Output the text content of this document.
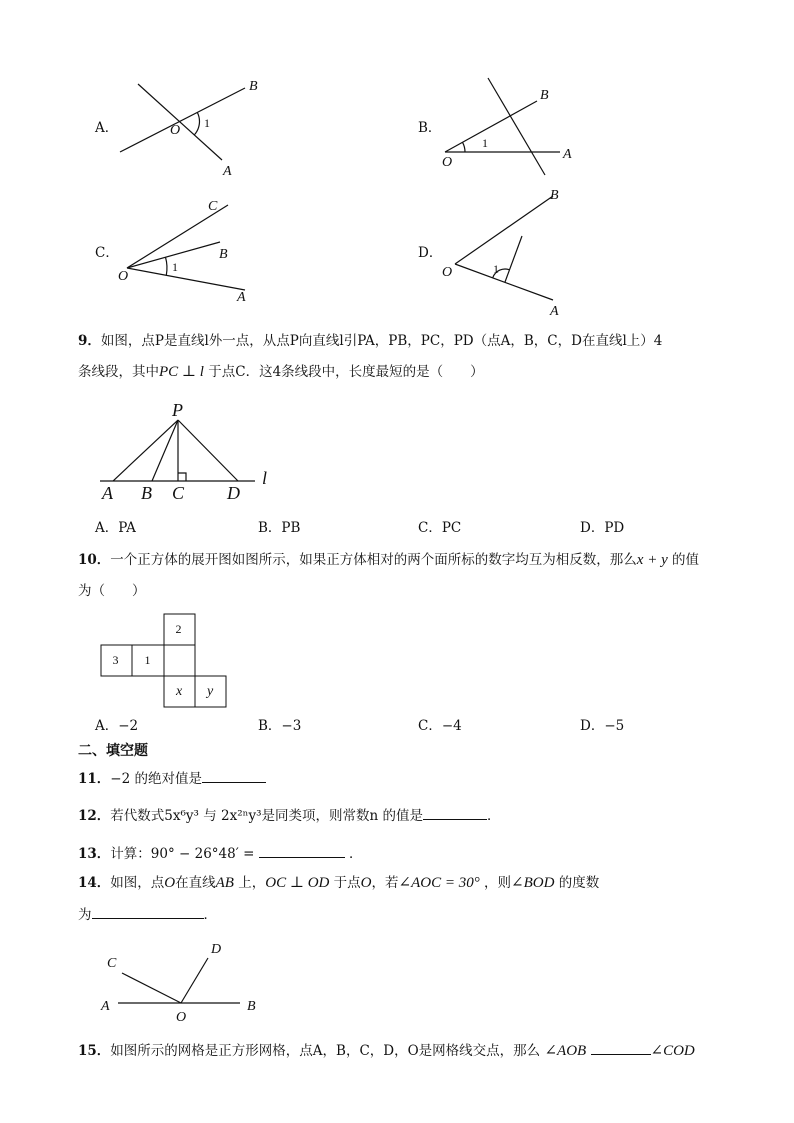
B
O
A
1
B
O
A
1
C
B
O
A
1
B
O
A
1
P
l
A B C D
2
3 1
x y
C
D
A	B
O
A．	B．
C．	D．
9．如图，点P是直线l外一点，从点P向直线l引PA，PB，PC，PD（点A，B，C，D在直线l上）4
条线段，其中PC ⊥ l 于点C．这4条线段中，长度最短的是（　　）
A．PA	B．PB	C．PC	D．PD
10．一个正方体的展开图如图所示，如果正方体相对的两个面所标的数字均互为相反数，那么x + y 的值
为（　　）
A．−2	B．−3	C．−4	D．−5
二、填空题
11．−2 的绝对值是
12．若代数式5x⁶y³ 与 2x²ⁿy³是同类项，则常数n 的值是	．
13．计算：90° − 26°48′ =	．
14．如图，点O在直线AB 上，OC ⊥ OD 于点O，若∠AOC = 30° ，则∠BOD 的度数
为	．
15．如图所示的网格是正方形网格，点A，B，C，D，O是网格线交点，那么 ∠AOB	∠COD
